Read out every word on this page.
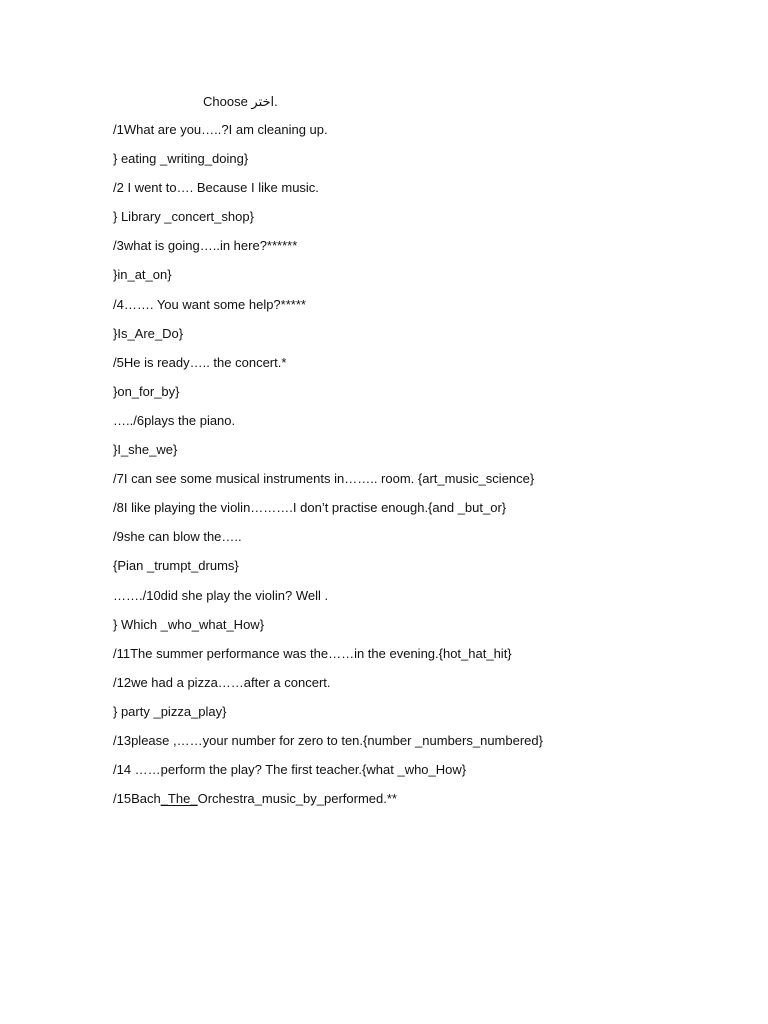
Choose اختر.
/1What are you…..?I am cleaning up.
} eating _writing_doing}
/2 I went to…. Because I like music.
} Library _concert_shop}
/3what is going…..in here?******
}in_at_on}
/4……. You want some help?*****
}Is_Are_Do}
/5He is ready….. the concert.*
}on_for_by}
…../6plays the piano.
}I_she_we}
/7I can see some musical instruments in…….. room. {art_music_science}
/8I like playing the violin……….I don’t practise enough.{and _but_or}
/9she can blow the…..
{Pian _trumpt_drums}
……./10did she play the violin? Well .
} Which _who_what_How}
/11The summer performance was the……in the evening.{hot_hat_hit}
/12we had a pizza……after a concert.
} party _pizza_play}
/13please ,……your number for zero to ten.{number _numbers_numbered}
/14 ……perform the play? The first teacher.{what _who_How}
/15Bach_The_Orchestra_music_by_performed.**
